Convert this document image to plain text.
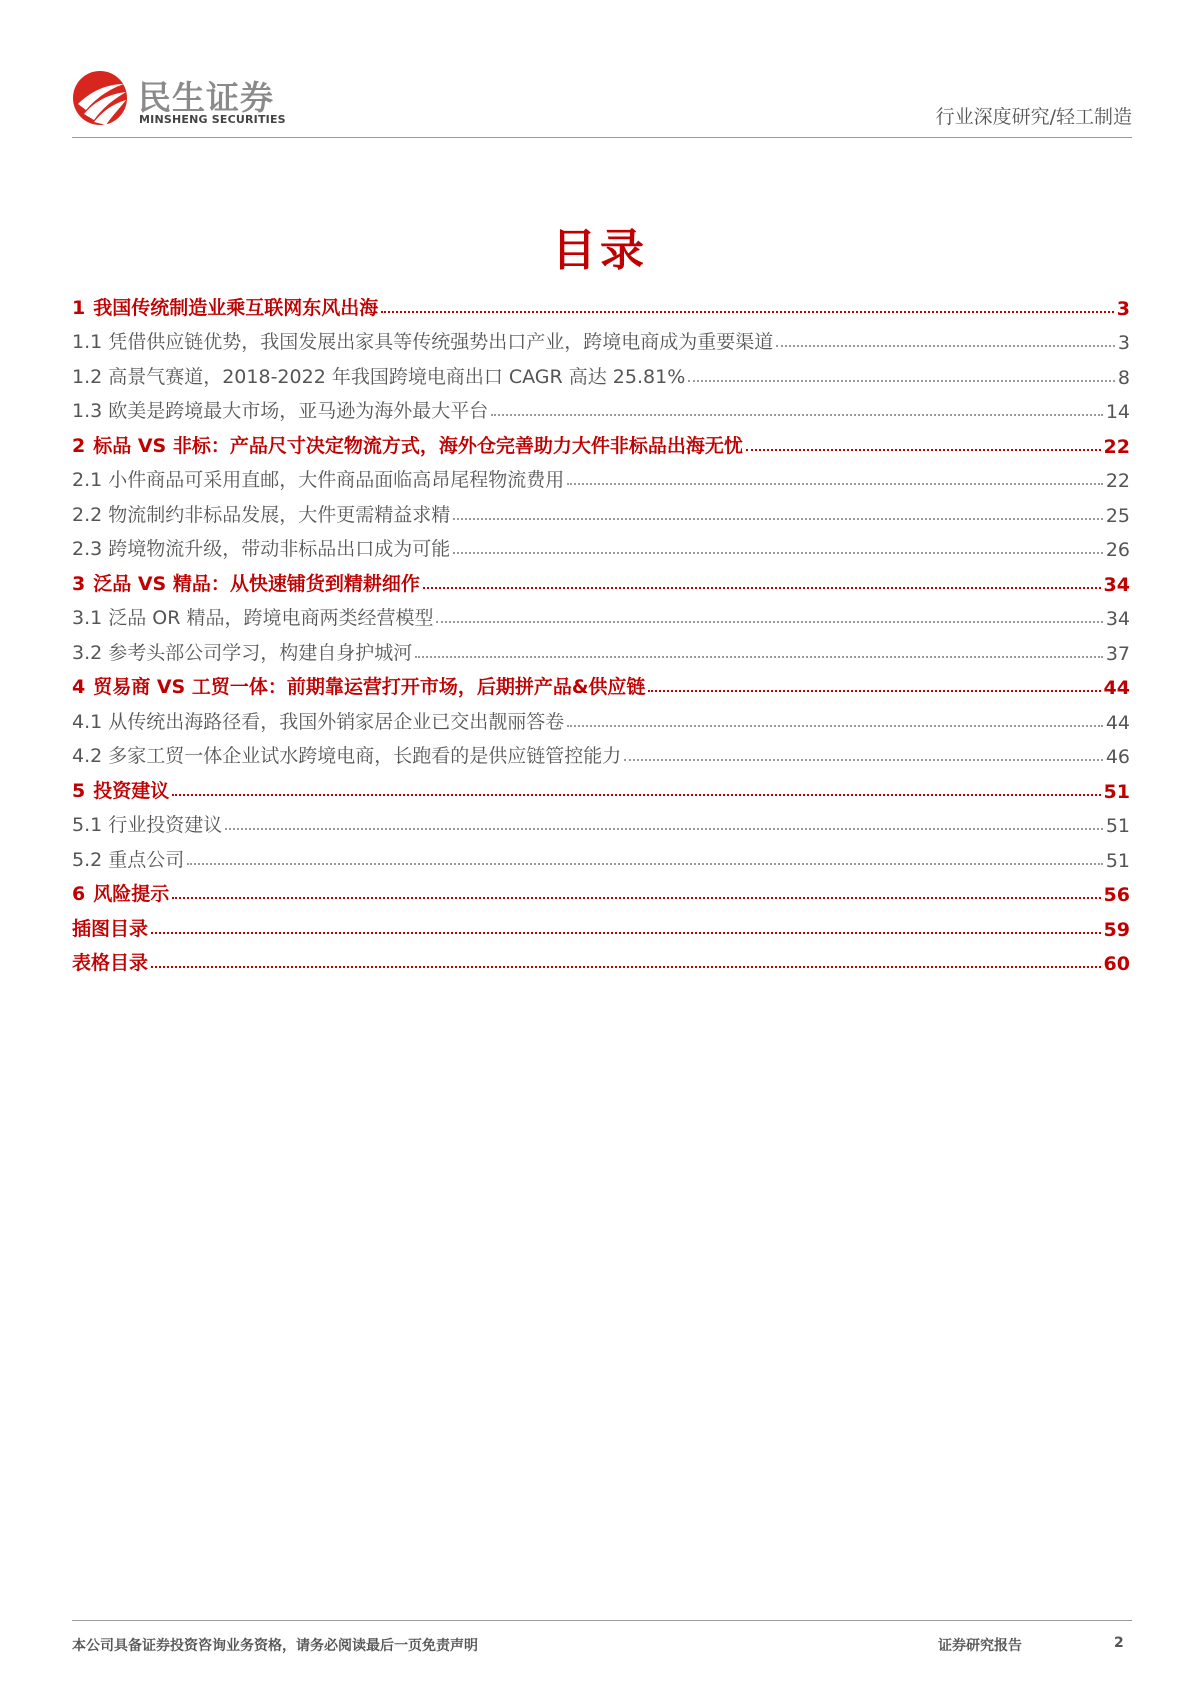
民生证券
MINSHENG SECURITIES	行业深度研究/轻工制造
目录
1 我国传统制造业乘互联网东风出海	3
1.1 凭借供应链优势，我国发展出家具等传统强势出口产业，跨境电商成为重要渠道	3
1.2 高景气赛道，2018-2022 年我国跨境电商出口 CAGR 高达 25.81%	8
1.3 欧美是跨境最大市场，亚马逊为海外最大平台	14
2 标品 VS 非标：产品尺寸决定物流方式，海外仓完善助力大件非标品出海无忧	22
2.1 小件商品可采用直邮，大件商品面临高昂尾程物流费用	22
2.2 物流制约非标品发展，大件更需精益求精	25
2.3 跨境物流升级，带动非标品出口成为可能	26
3 泛品 VS 精品：从快速铺货到精耕细作	34
3.1 泛品 OR 精品，跨境电商两类经营模型	34
3.2 参考头部公司学习，构建自身护城河	37
4 贸易商 VS 工贸一体：前期靠运营打开市场，后期拼产品&供应链	44
4.1 从传统出海路径看，我国外销家居企业已交出靓丽答卷	44
4.2 多家工贸一体企业试水跨境电商，长跑看的是供应链管控能力	46
5 投资建议	51
5.1 行业投资建议	51
5.2 重点公司	51
6 风险提示	56
插图目录	59
表格目录	60
本公司具备证券投资咨询业务资格，请务必阅读最后一页免责声明	证券研究报告	2
